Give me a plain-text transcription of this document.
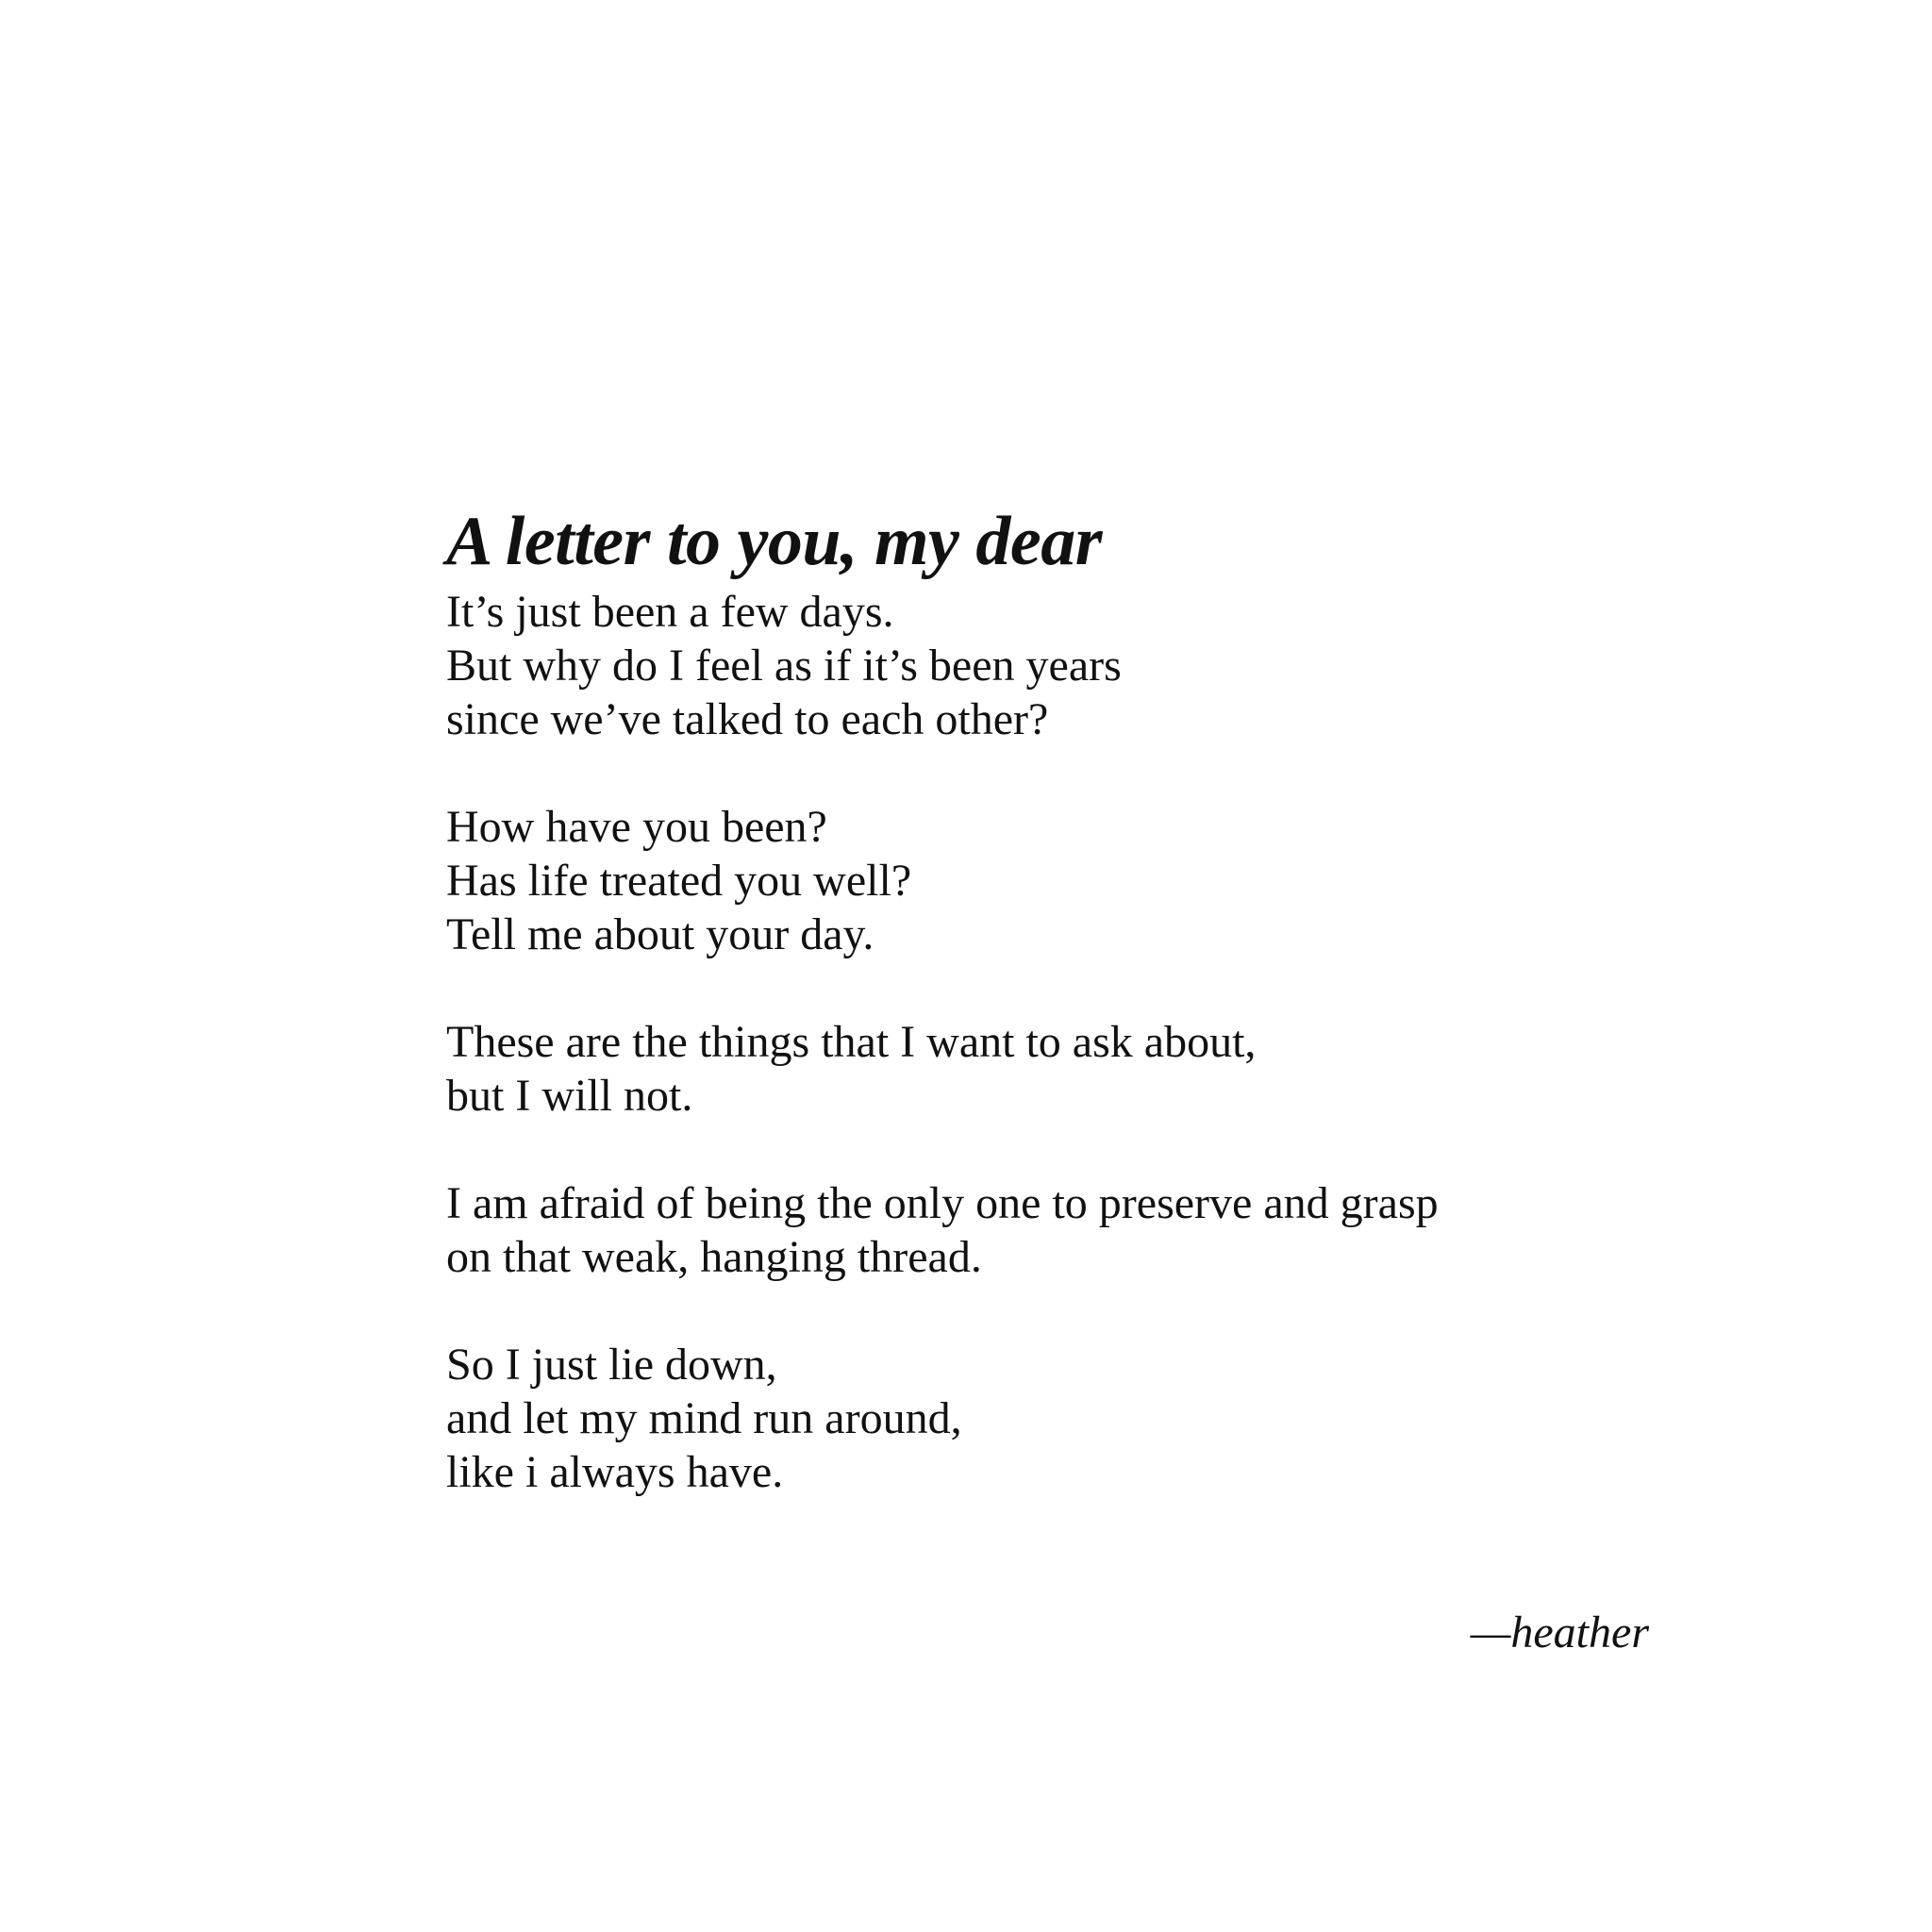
A letter to you, my dear
It’s just been a few days.
But why do I feel as if it’s been years
since we’ve talked to each other?
How have you been?
Has life treated you well?
Tell me about your day.
These are the things that I want to ask about,
but I will not.
I am afraid of being the only one to preserve and grasp
on that weak, hanging thread.
So I just lie down,
and let my mind run around,
like i always have.
—heather
